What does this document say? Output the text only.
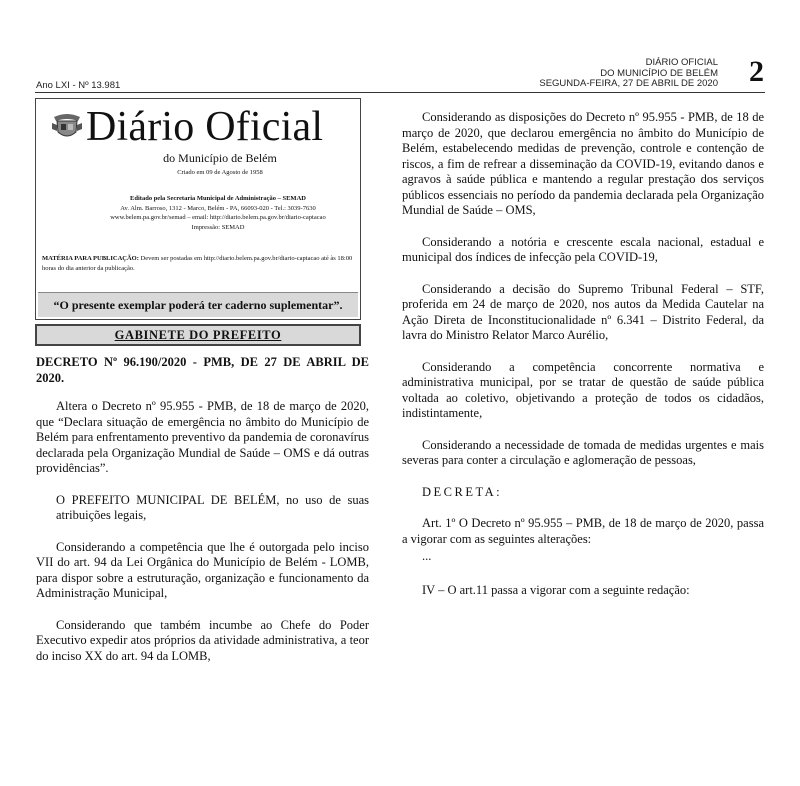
Ano LXI - Nº 13.981
DIÁRIO OFICIAL
DO MUNICÍPIO DE BELÉM
SEGUNDA-FEIRA, 27 DE ABRIL DE 2020 2
Diário Oficial
do Município de Belém
Criado em 09 de Agosto de 1958
Editado pela Secretaria Municipal de Administração – SEMAD
Av. Alm. Barroso, 1312 - Marco, Belém - PA, 66093-020 - Tel.: 3039-7630
www.belem.pa.gov.br/semad – email: http://diario.belem.pa.gov.br/diario-captacao
Impressão: SEMAD
MATÉRIA PARA PUBLICAÇÃO: Devem ser postadas em http://diario.belem.pa.gov.br/diario-captacao até às 18:00 horas do dia anterior da publicação.
“O presente exemplar poderá ter caderno suplementar”.
GABINETE DO PREFEITO

DECRETO Nº 96.190/2020 - PMB, DE 27 DE ABRIL DE 2020.

Altera o Decreto nº 95.955 - PMB, de 18 de março de 2020, que “Declara situação de emergência no âmbito do Município de Belém para enfrentamento preventivo da pandemia de coronavírus declarada pela Organização Mundial de Saúde – OMS e dá outras providências”.

O PREFEITO MUNICIPAL DE BELÉM, no uso de suas atribuições legais,

Considerando a competência que lhe é outorgada pelo inciso VII do art. 94 da Lei Orgânica do Município de Belém - LOMB, para dispor sobre a estruturação, organização e funcionamento da Administração Municipal,

Considerando que também incumbe ao Chefe do Poder Executivo expedir atos próprios da atividade administrativa, a teor do inciso XX do art. 94 da LOMB,

Considerando as disposições do Decreto nº 95.955 - PMB, de 18 de março de 2020, que declarou emergência no âmbito do Município de Belém, estabelecendo medidas de prevenção, controle e contenção de riscos, a fim de refrear a disseminação da COVID-19, evitando danos e agravos à saúde pública e mantendo a regular prestação dos serviços públicos essenciais no período da pandemia declarada pela Organização Mundial de Saúde – OMS,

Considerando a notória e crescente escala nacional, estadual e municipal dos índices de infecção pela COVID-19,

Considerando a decisão do Supremo Tribunal Federal – STF, proferida em 24 de março de 2020, nos autos da Medida Cautelar na Ação Direta de Inconstitucionalidade nº 6.341 – Distrito Federal, da lavra do Ministro Relator Marco Aurélio,

Considerando a competência concorrente normativa e administrativa municipal, por se tratar de questão de saúde pública voltada ao coletivo, objetivando a proteção de todos os cidadãos, indistintamente,

Considerando a necessidade de tomada de medidas urgentes e mais severas para conter a circulação e aglomeração de pessoas,

DECRETA:

Art. 1º O Decreto nº 95.955 – PMB, de 18 de março de 2020, passa a vigorar com as seguintes alterações:

...

IV – O art.11 passa a vigorar com a seguinte redação:
